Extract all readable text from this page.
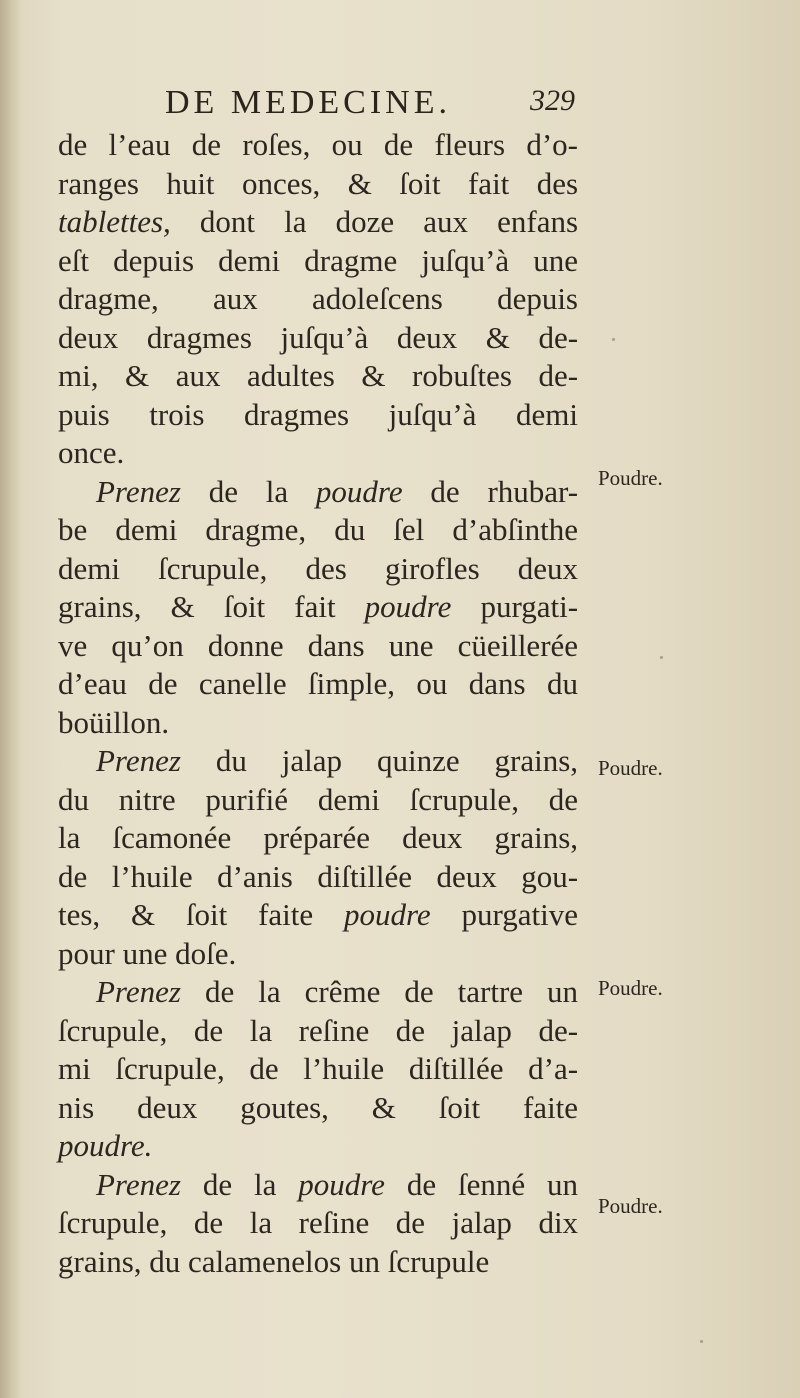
DE MEDECINE.	329
de l’eau de roſes, ou de fleurs d’o-
ranges huit onces, & ſoit fait des
tablettes, dont la doze aux enfans
eſt depuis demi dragme juſqu’à une
dragme, aux adoleſcens depuis
deux dragmes juſqu’à deux & de-
mi, & aux adultes & robuſtes de-
puis trois dragmes juſqu’à demi
once.
Prenez de la poudre de rhubar-
be demi dragme, du ſel d’abſinthe
demi ſcrupule, des girofles deux
grains, & ſoit fait poudre purgati-
ve qu’on donne dans une cüeillerée
d’eau de canelle ſimple, ou dans du
boüillon.
Prenez du jalap quinze grains,
du nitre purifié demi ſcrupule, de
la ſcamonée préparée deux grains,
de l’huile d’anis diſtillée deux gou-
tes, & ſoit faite poudre purgative
pour une doſe.
Prenez de la crême de tartre un
ſcrupule, de la reſine de jalap de-
mi ſcrupule, de l’huile diſtillée d’a-
nis deux goutes, & ſoit faite
poudre.
Prenez de la poudre de ſenné un
ſcrupule, de la reſine de jalap dix
grains, du calamenelos un ſcrupule
Poudre.
Poudre.
Poudre.
Poudre.
